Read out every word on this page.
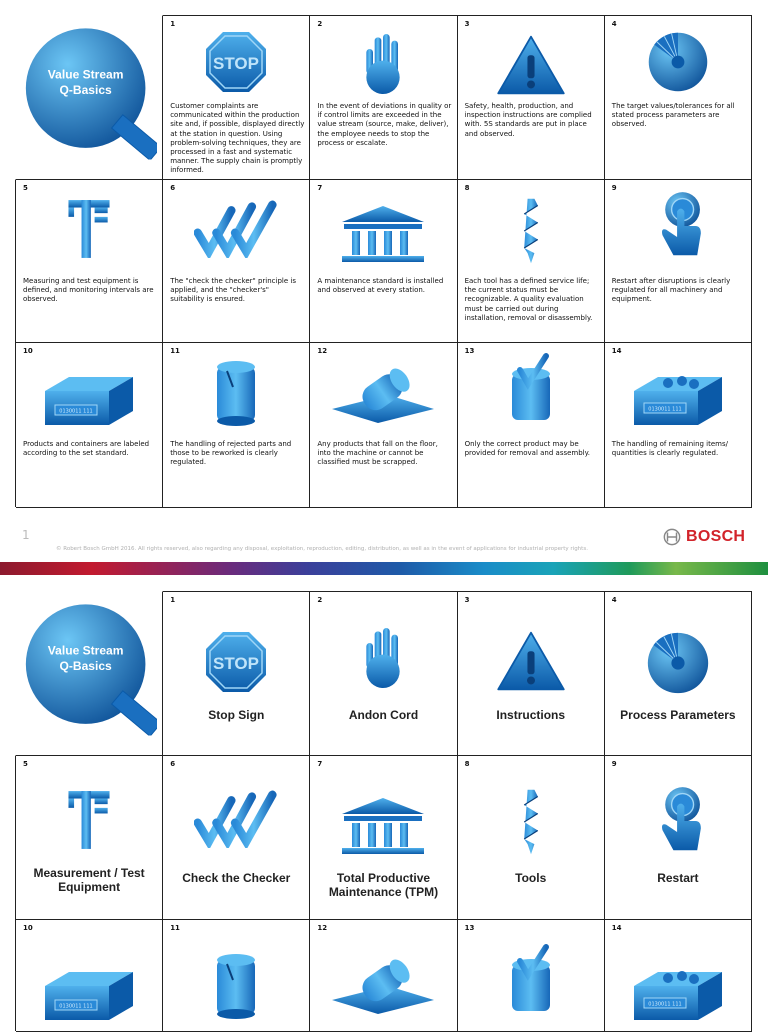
1
STOP
Customer complaints are communicated within the production site and, if possible, displayed directly at the station in question. Using problem-solving techniques, they are processed in a fast and systematic manner. The supply chain is promptly informed.
2
In the event of deviations in quality or if control limits are exceeded in the value stream (source, make, deliver), the employee needs to stop the process or escalate.
3
Safety, health, production, and inspection instructions are complied with. 5S standards are put in place and observed.
4
The target values/tolerances for all stated process parameters are observed.
5
Measuring and test equipment is defined, and monitoring intervals are observed.
6
The "check the checker" principle is applied, and the "checker's" suitability is ensured.
7
A maintenance standard is installed and observed at every station.
8
Each tool has a defined service life; the current status must be recognizable. A quality evaluation must be carried out during installation, removal or disassembly.
9
Restart after disruptions is clearly regulated for all machinery and equipment.
10
0130011 111
Products and containers are labeled according to the set standard.
11
The handling of rejected parts and those to be reworked is clearly regulated.
12
Any products that fall on the floor, into the machine or cannot be classified must be scrapped.
13
Only the correct product may be provided for removal and assembly.
14
0130011 111
The handling of remaining items/ quantities is clearly regulated.
Value Stream
Q-Basics
1
© Robert Bosch GmbH 2016. All rights reserved, also regarding any disposal, exploitation, reproduction, editing, distribution, as well as in the event of applications for industrial property rights.
BOSCH
1
STOP
Stop Sign
2
Andon Cord
3
Instructions
4
Process Parameters
5
Measurement / Test Equipment
6
Check the Checker
7
Total Productive Maintenance (TPM)
8
Tools
9
Restart
10
0130011 111
11	12	13	14
0130011 111
Value Stream
Q-Basics
